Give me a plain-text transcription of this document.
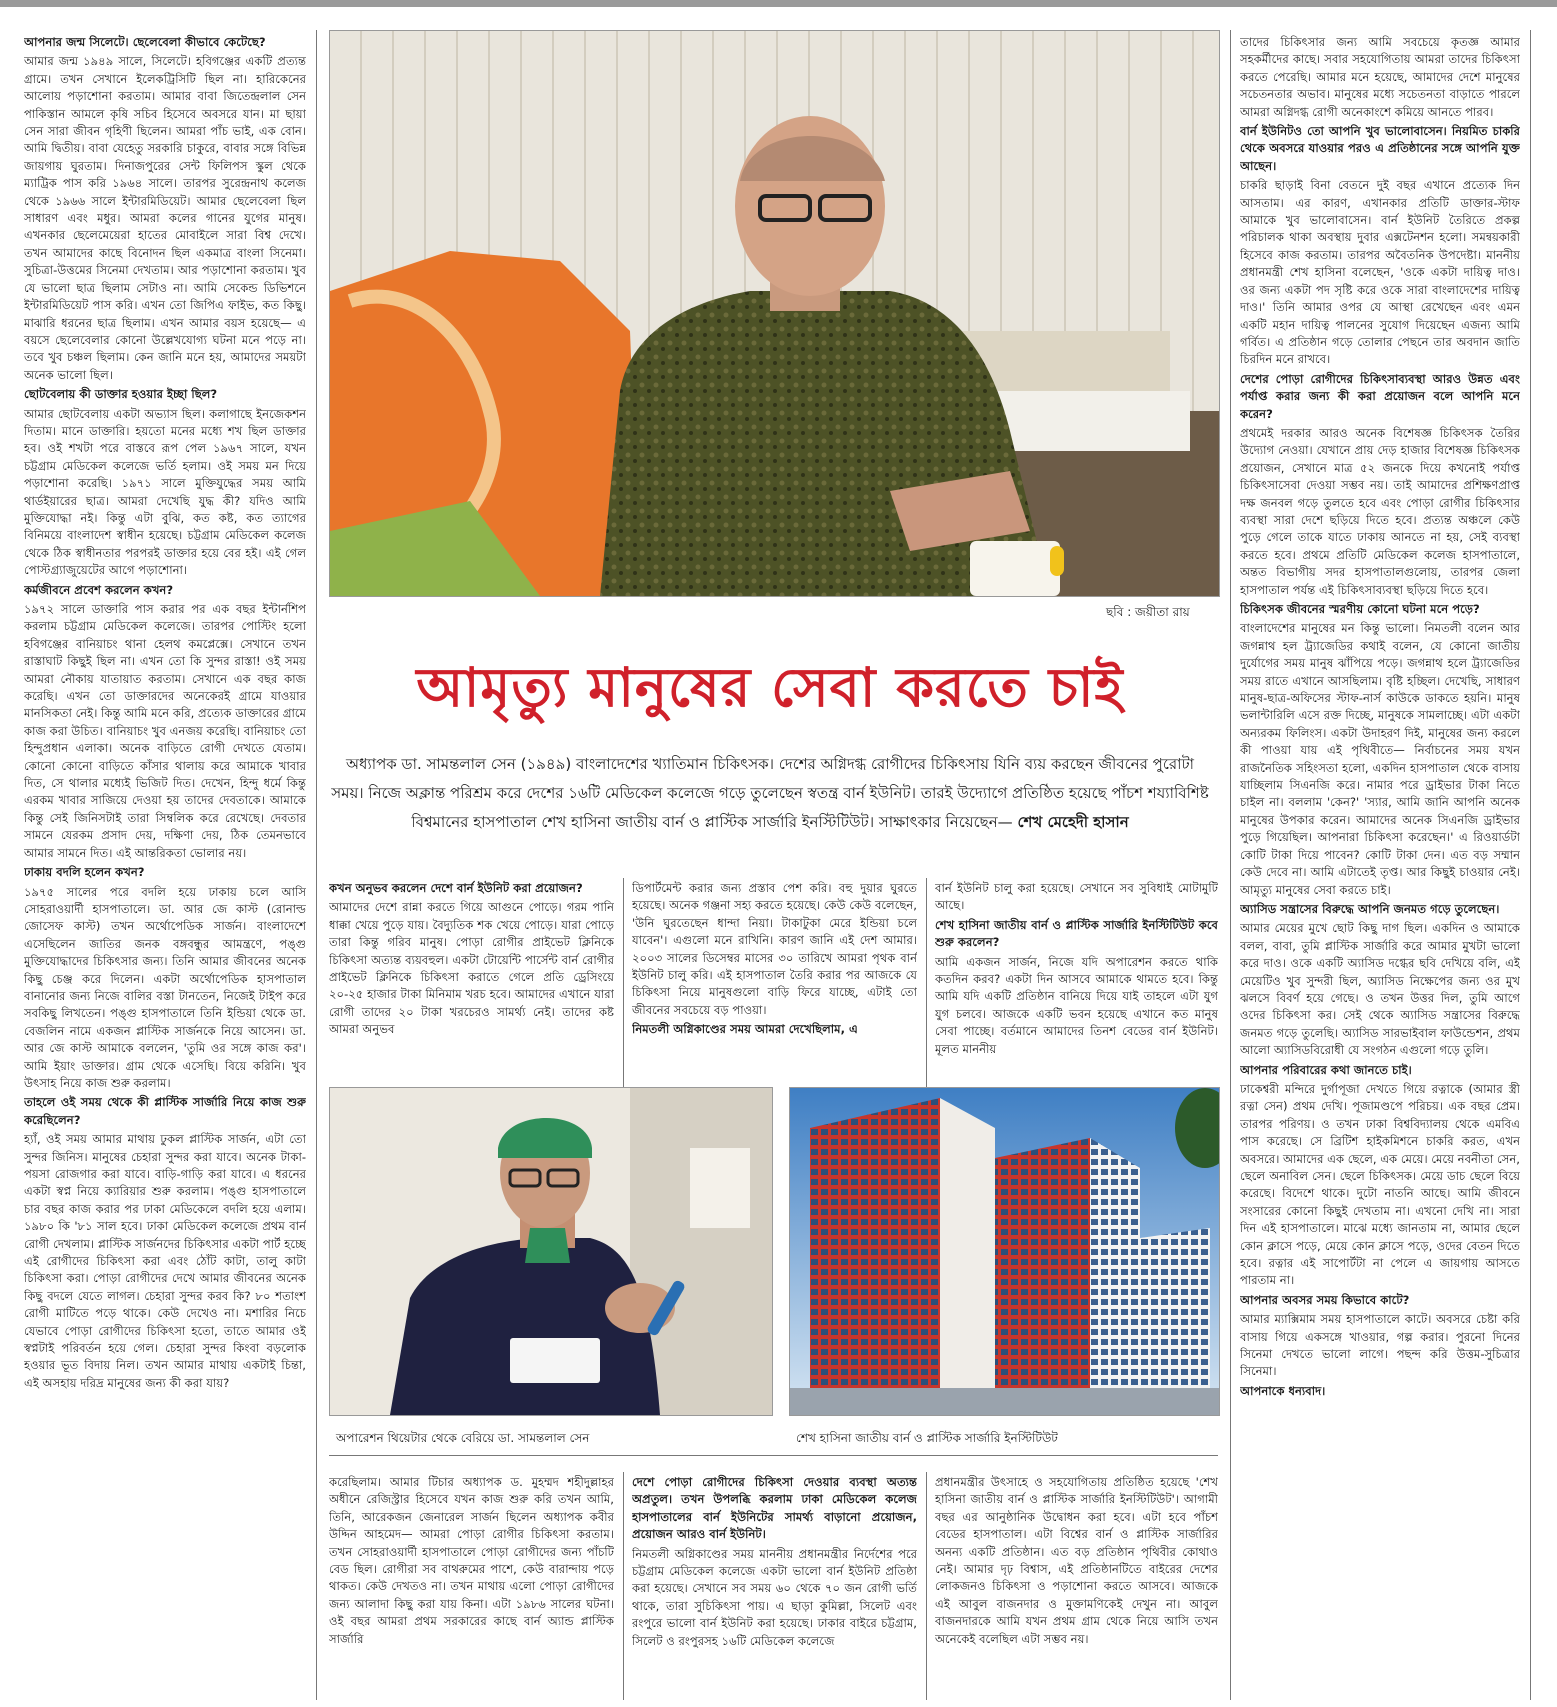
আপনার জন্ম সিলেটে। ছেলেবেলা কীভাবে কেটেছে?

আমার জন্ম ১৯৪৯ সালে, সিলেটে। হবিগঞ্জের একটি প্রত্যন্ত গ্রামে। তখন সেখানে ইলেকট্রিসিটি ছিল না। হারিকেনের আলোয় পড়াশোনা করতাম। আমার বাবা জিতেন্দ্রলাল সেন পাকিস্তান আমলে কৃষি সচিব হিসেবে অবসরে যান। মা ছায়া সেন সারা জীবন গৃহিণী ছিলেন। আমরা পাঁচ ভাই, এক বোন। আমি দ্বিতীয়। বাবা যেহেতু সরকারি চাকুরে, বাবার সঙ্গে বিভিন্ন জায়গায় ঘুরতাম। দিনাজপুরের সেন্ট ফিলিপস স্কুল থেকে ম্যাট্রিক পাস করি ১৯৬৪ সালে। তারপর সুরেন্দ্রনাথ কলেজ থেকে ১৯৬৬ সালে ইন্টারমিডিয়েট। আমার ছেলেবেলা ছিল সাধারণ এবং মধুর। আমরা কলের গানের যুগের মানুষ। এখনকার ছেলেমেয়েরা হাতের মোবাইলে সারা বিশ্ব দেখে। তখন আমাদের কাছে বিনোদন ছিল একমাত্র বাংলা সিনেমা। সুচিত্রা-উত্তমের সিনেমা দেখতাম। আর পড়াশোনা করতাম। খুব যে ভালো ছাত্র ছিলাম সেটাও না। আমি সেকেন্ড ডিভিশনে ইন্টারমিডিয়েট পাস করি। এখন তো জিপিএ ফাইভ, কত কিছু। মাঝারি ধরনের ছাত্র ছিলাম। এখন আমার বয়স হয়েছে— এ বয়সে ছেলেবেলার কোনো উল্লেখযোগ্য ঘটনা মনে পড়ে না। তবে খুব চঞ্চল ছিলাম। কেন জানি মনে হয়, আমাদের সময়টা অনেক ভালো ছিল।

ছোটবেলায় কী ডাক্তার হওয়ার ইচ্ছা ছিল?

আমার ছোটবেলায় একটা অভ্যাস ছিল। কলাগাছে ইনজেকশন দিতাম। মানে ডাক্তারি। হয়তো মনের মধ্যে শখ ছিল ডাক্তার হব। ওই শখটা পরে বাস্তবে রূপ পেল ১৯৬৭ সালে, যখন চট্টগ্রাম মেডিকেল কলেজে ভর্তি হলাম। ওই সময় মন দিয়ে পড়াশোনা করেছি। ১৯৭১ সালে মুক্তিযুদ্ধের সময় আমি থার্ডইয়ারের ছাত্র। আমরা দেখেছি যুদ্ধ কী? যদিও আমি মুক্তিযোদ্ধা নই। কিন্তু এটা বুঝি, কত কষ্ট, কত ত্যাগের বিনিময়ে বাংলাদেশ স্বাধীন হয়েছে। চট্টগ্রাম মেডিকেল কলেজ থেকে ঠিক স্বাধীনতার পরপরই ডাক্তার হয়ে বের হই। এই গেল পোস্টগ্র্যাজুয়েটের আগে পড়াশোনা।

কর্মজীবনে প্রবেশ করলেন কখন?

১৯৭২ সালে ডাক্তারি পাস করার পর এক বছর ইন্টার্নশিপ করলাম চট্টগ্রাম মেডিকেল কলেজে। তারপর পোস্টিং হলো হবিগঞ্জের বানিয়াচং থানা হেলথ কমপ্লেক্সে। সেখানে তখন রাস্তাঘাট কিছুই ছিল না। এখন তো কি সুন্দর রাস্তা! ওই সময় আমরা নৌকায় যাতায়াত করতাম। সেখানে এক বছর কাজ করেছি। এখন তো ডাক্তারদের অনেকেরই গ্রামে যাওয়ার মানসিকতা নেই। কিন্তু আমি মনে করি, প্রত্যেক ডাক্তারের গ্রামে কাজ করা উচিত। বানিয়াচং খুব এনজয় করেছি। বানিয়াচং তো হিন্দুপ্রধান এলাকা। অনেক বাড়িতে রোগী দেখতে যেতাম। কোনো কোনো বাড়িতে কাঁসার থালায় করে আমাকে খাবার দিত, সে থালার মধ্যেই ভিজিট দিত। দেখেন, হিন্দু ধর্মে কিন্তু এরকম খাবার সাজিয়ে দেওয়া হয় তাদের দেবতাকে। আমাকে কিন্তু সেই জিনিসটাই তারা সিম্বলিক করে রেখেছে। দেবতার সামনে যেরকম প্রসাদ দেয়, দক্ষিণা দেয়, ঠিক তেমনভাবে আমার সামনে দিত। এই আন্তরিকতা ভোলার নয়।

ঢাকায় বদলি হলেন কখন?

১৯৭৫ সালের পরে বদলি হয়ে ঢাকায় চলে আসি সোহরাওয়ার্দী হাসপাতালে। ডা. আর জে কাস্ট (রোনাল্ড জোসেফ কাস্ট) তখন অর্থোপেডিক সার্জন। বাংলাদেশে এসেছিলেন জাতির জনক বঙ্গবন্ধুর আমন্ত্রণে, পঙ্গু মুক্তিযোদ্ধাদের চিকিৎসার জন্য। তিনি আমার জীবনের অনেক কিছু চেঞ্জ করে দিলেন। একটা অর্থোপেডিক হাসপাতাল বানানোর জন্য নিজে বালির বস্তা টানতেন, নিজেই টাইপ করে সবকিছু লিখতেন। পঙ্গু হাসপাতালে তিনি ইন্ডিয়া থেকে ডা. বেজলিন নামে একজন প্লাস্টিক সার্জনকে নিয়ে আসেন। ডা. আর জে কাস্ট আমাকে বললেন, 'তুমি ওর সঙ্গে কাজ কর'। আমি ইয়াং ডাক্তার। গ্রাম থেকে এসেছি। বিয়ে করিনি। খুব উৎসাহ নিয়ে কাজ শুরু করলাম।

তাহলে ওই সময় থেকে কী প্লাস্টিক সার্জারি নিয়ে কাজ শুরু করেছিলেন?

হ্যাঁ, ওই সময় আমার মাথায় ঢুকল প্লাস্টিক সার্জন, এটা তো সুন্দর জিনিস। মানুষের চেহারা সুন্দর করা যাবে। অনেক টাকা-পয়সা রোজগার করা যাবে। বাড়ি-গাড়ি করা যাবে। এ ধরনের একটা স্বপ্ন নিয়ে ক্যারিয়ার শুরু করলাম। পঙ্গু হাসপাতালে চার বছর কাজ করার পর ঢাকা মেডিকেলে বদলি হয়ে এলাম। ১৯৮০ কি '৮১ সাল হবে। ঢাকা মেডিকেল কলেজে প্রথম বার্ন রোগী দেখলাম। প্লাস্টিক সার্জনদের চিকিৎসার একটা পার্ট হচ্ছে এই রোগীদের চিকিৎসা করা এবং ঠোঁট কাটা, তালু কাটা চিকিৎসা করা। পোড়া রোগীদের দেখে আমার জীবনের অনেক কিছু বদলে যেতে লাগল। চেহারা সুন্দর করব কি? ৮০ শতাংশ রোগী মাটিতে পড়ে থাকে। কেউ দেখেও না। মশারির নিচে যেভাবে পোড়া রোগীদের চিকিৎসা হতো, তাতে আমার ওই স্বপ্নটাই পরিবর্তন হয়ে গেল। চেহারা সুন্দর কিংবা বড়লোক হওয়ার ভূত বিদায় নিল। তখন আমার মাথায় একটাই চিন্তা, এই অসহায় দরিদ্র মানুষের জন্য কী করা যায়?

ছবি : জয়ীতা রায়
আমৃত্যু মানুষের সেবা করতে চাই
অধ্যাপক ডা. সামন্তলাল সেন (১৯৪৯) বাংলাদেশের খ্যাতিমান চিকিৎসক। দেশের অগ্নিদগ্ধ রোগীদের চিকিৎসায় যিনি ব্যয় করছেন জীবনের পুরোটা সময়। নিজে অক্লান্ত পরিশ্রম করে দেশের ১৬টি মেডিকেল কলেজে গড়ে তুলেছেন স্বতন্ত্র বার্ন ইউনিট। তারই উদ্যোগে প্রতিষ্ঠিত হয়েছে পাঁচশ শয্যাবিশিষ্ট বিশ্বমানের হাসপাতাল শেখ হাসিনা জাতীয় বার্ন ও প্লাস্টিক সার্জারি ইনস্টিটিউট। সাক্ষাৎকার নিয়েছেন— শেখ মেহেদী হাসান

কখন অনুভব করলেন দেশে বার্ন ইউনিট করা প্রয়োজন?

আমাদের দেশে রান্না করতে গিয়ে আগুনে পোড়ে। গরম পানি ধাক্কা খেয়ে পুড়ে যায়। বৈদ্যুতিক শক খেয়ে পোড়ে। যারা পোড়ে তারা কিন্তু গরিব মানুষ। পোড়া রোগীর প্রাইভেট ক্লিনিকে চিকিৎসা অত্যন্ত ব্যয়বহুল। একটা টোয়েন্টি পার্সেন্ট বার্ন রোগীর প্রাইভেট ক্লিনিকে চিকিৎসা করাতে গেলে প্রতি ড্রেসিংয়ে ২০-২৫ হাজার টাকা মিনিমাম খরচ হবে। আমাদের এখানে যারা রোগী তাদের ২০ টাকা খরচেরও সামর্থ্য নেই। তাদের কষ্ট আমরা অনুভব

ডিপার্টমেন্ট করার জন্য প্রস্তাব পেশ করি। বহু দুয়ার ঘুরতে হয়েছে। অনেক গঞ্জনা সহ্য করতে হয়েছে। কেউ কেউ বলেছেন, 'উনি ঘুরতেছেন ধান্দা নিয়া। টাকাটুকা মেরে ইন্ডিয়া চলে যাবেন'। এগুলো মনে রাখিনি। কারণ জানি এই দেশ আমার। ২০০৩ সালের ডিসেম্বর মাসের ৩০ তারিখে আমরা পৃথক বার্ন ইউনিট চালু করি। এই হাসপাতাল তৈরি করার পর আজকে যে চিকিৎসা নিয়ে মানুষগুলো বাড়ি ফিরে যাচ্ছে, এটাই তো জীবনের সবচেয়ে বড় পাওয়া।

নিমতলী অগ্নিকাণ্ডের সময় আমরা দেখেছিলাম, এ

বার্ন ইউনিট চালু করা হয়েছে। সেখানে সব সুবিধাই মোটামুটি আছে।

শেখ হাসিনা জাতীয় বার্ন ও প্লাস্টিক সার্জারি ইনস্টিটিউট কবে শুরু করলেন?

আমি একজন সার্জন, নিজে যদি অপারেশন করতে থাকি কতদিন করব? একটা দিন আসবে আমাকে থামতে হবে। কিন্তু আমি যদি একটি প্রতিষ্ঠান বানিয়ে দিয়ে যাই তাহলে এটা যুগ যুগ চলবে। আজকে একটি ভবন হয়েছে এখানে কত মানুষ সেবা পাচ্ছে। বর্তমানে আমাদের তিনশ বেডের বার্ন ইউনিট। মূলত মাননীয়

অপারেশন থিয়েটার থেকে বেরিয়ে ডা. সামন্তলাল সেন	শেখ হাসিনা জাতীয় বার্ন ও প্লাস্টিক সার্জারি ইনস্টিটিউট

করেছিলাম। আমার টিচার অধ্যাপক ড. মুহম্মদ শহীদুল্লাহর অধীনে রেজিস্ট্রার হিসেবে যখন কাজ শুরু করি তখন আমি, তিনি, আরেকজন জেনারেল সার্জন ছিলেন অধ্যাপক কবীর উদ্দিন আহমেদ— আমরা পোড়া রোগীর চিকিৎসা করতাম। তখন সোহরাওয়ার্দী হাসপাতালে পোড়া রোগীদের জন্য পাঁচটি বেড ছিল। রোগীরা সব বাথরুমের পাশে, কেউ বারান্দায় পড়ে থাকত। কেউ দেখতও না। তখন মাথায় এলো পোড়া রোগীদের জন্য আলাদা কিছু করা যায় কিনা। এটা ১৯৮৬ সালের ঘটনা। ওই বছর আমরা প্রথম সরকারের কাছে বার্ন অ্যান্ড প্লাস্টিক সার্জারি

দেশে পোড়া রোগীদের চিকিৎসা দেওয়ার ব্যবস্থা অত্যন্ত অপ্রতুল। তখন উপলব্ধি করলাম ঢাকা মেডিকেল কলেজ হাসপাতালের বার্ন ইউনিটের সামর্থ্য বাড়ানো প্রয়োজন, প্রয়োজন আরও বার্ন ইউনিট।

নিমতলী অগ্নিকাণ্ডের সময় মাননীয় প্রধানমন্ত্রীর নির্দেশের পরে চট্টগ্রাম মেডিকেল কলেজে একটা ভালো বার্ন ইউনিট প্রতিষ্ঠা করা হয়েছে। সেখানে সব সময় ৬০ থেকে ৭০ জন রোগী ভর্তি থাকে, তারা সুচিকিৎসা পায়। এ ছাড়া কুমিল্লা, সিলেট এবং রংপুরে ভালো বার্ন ইউনিট করা হয়েছে। ঢাকার বাইরে চট্টগ্রাম, সিলেট ও রংপুরসহ ১৬টি মেডিকেল কলেজে

প্রধানমন্ত্রীর উৎসাহে ও সহযোগিতায় প্রতিষ্ঠিত হয়েছে 'শেখ হাসিনা জাতীয় বার্ন ও প্লাস্টিক সার্জারি ইনস্টিটিউট'। আগামী বছর এর আনুষ্ঠানিক উদ্বোধন করা হবে। এটা হবে পাঁচশ বেডের হাসপাতাল। এটা বিশ্বের বার্ন ও প্লাস্টিক সার্জারির অনন্য একটি প্রতিষ্ঠান। এত বড় প্রতিষ্ঠান পৃথিবীর কোথাও নেই। আমার দৃঢ় বিশ্বাস, এই প্রতিষ্ঠানটিতে বাইরের দেশের লোকজনও চিকিৎসা ও পড়াশোনা করতে আসবে। আজকে এই আবুল বাজনদার ও মুক্তামণিকেই দেখুন না। আবুল বাজনদারকে আমি যখন প্রথম গ্রাম থেকে নিয়ে আসি তখন অনেকেই বলেছিল এটা সম্ভব নয়।

তাদের চিকিৎসার জন্য আমি সবচেয়ে কৃতজ্ঞ আমার সহকর্মীদের কাছে। সবার সহযোগিতায় আমরা তাদের চিকিৎসা করতে পেরেছি। আমার মনে হয়েছে, আমাদের দেশে মানুষের সচেতনতার অভাব। মানুষের মধ্যে সচেতনতা বাড়াতে পারলে আমরা অগ্নিদগ্ধ রোগী অনেকাংশে কমিয়ে আনতে পারব।

বার্ন ইউনিটও তো আপনি খুব ভালোবাসেন। নিয়মিত চাকরি থেকে অবসরে যাওয়ার পরও এ প্রতিষ্ঠানের সঙ্গে আপনি যুক্ত আছেন।

চাকরি ছাড়াই বিনা বেতনে দুই বছর এখানে প্রত্যেক দিন আসতাম। এর কারণ, এখানকার প্রতিটি ডাক্তার-স্টাফ আমাকে খুব ভালোবাসেন। বার্ন ইউনিট তৈরিতে প্রকল্প পরিচালক থাকা অবস্থায় দুবার এক্সটেনশন হলো। সমন্বয়কারী হিসেবে কাজ করতাম। তারপর অবৈতনিক উপদেষ্টা। মাননীয় প্রধানমন্ত্রী শেখ হাসিনা বলেছেন, 'ওকে একটা দায়িত্ব দাও। ওর জন্য একটা পদ সৃষ্টি করে ওকে সারা বাংলাদেশের দায়িত্ব দাও।' তিনি আমার ওপর যে আস্থা রেখেছেন এবং এমন একটি মহান দায়িত্ব পালনের সুযোগ দিয়েছেন এজন্য আমি গর্বিত। এ প্রতিষ্ঠান গড়ে তোলার পেছনে তার অবদান জাতি চিরদিন মনে রাখবে।

দেশের পোড়া রোগীদের চিকিৎসাব্যবস্থা আরও উন্নত এবং পর্যাপ্ত করার জন্য কী করা প্রয়োজন বলে আপনি মনে করেন?

প্রথমেই দরকার আরও অনেক বিশেষজ্ঞ চিকিৎসক তৈরির উদ্যোগ নেওয়া। যেখানে প্রায় দেড় হাজার বিশেষজ্ঞ চিকিৎসক প্রয়োজন, সেখানে মাত্র ৫২ জনকে দিয়ে কখনোই পর্যাপ্ত চিকিৎসাসেবা দেওয়া সম্ভব নয়। তাই আমাদের প্রশিক্ষণপ্রাপ্ত দক্ষ জনবল গড়ে তুলতে হবে এবং পোড়া রোগীর চিকিৎসার ব্যবস্থা সারা দেশে ছড়িয়ে দিতে হবে। প্রত্যন্ত অঞ্চলে কেউ পুড়ে গেলে তাকে যাতে ঢাকায় আনতে না হয়, সেই ব্যবস্থা করতে হবে। প্রথমে প্রতিটি মেডিকেল কলেজ হাসপাতালে, অন্তত বিভাগীয় সদর হাসপাতালগুলোয়, তারপর জেলা হাসপাতাল পর্যন্ত এই চিকিৎসাব্যবস্থা ছড়িয়ে দিতে হবে।

চিকিৎসক জীবনের স্মরণীয় কোনো ঘটনা মনে পড়ে?

বাংলাদেশের মানুষের মন কিন্তু ভালো। নিমতলী বলেন আর জগন্নাথ হল ট্র্যাজেডির কথাই বলেন, যে কোনো জাতীয় দুর্যোগের সময় মানুষ ঝাঁপিয়ে পড়ে। জগন্নাথ হলে ট্র্যাজেডির সময় রাতে এখানে আসছিলাম। বৃষ্টি হচ্ছিল। দেখেছি, সাধারণ মানুষ-ছাত্র-অফিসের স্টাফ-নার্স কাউকে ডাকতে হয়নি। মানুষ ভলান্টারিলি এসে রক্ত দিচ্ছে, মানুষকে সামলাচ্ছে। এটা একটা অন্যরকম ফিলিংস। একটা উদাহরণ দিই, মানুষের জন্য করলে কী পাওয়া যায় এই পৃথিবীতে— নির্বাচনের সময় যখন রাজনৈতিক সহিংসতা হলো, একদিন হাসপাতাল থেকে বাসায় যাচ্ছিলাম সিএনজি করে। নামার পরে ড্রাইভার টাকা নিতে চাইল না। বললাম 'কেন?' 'স্যার, আমি জানি আপনি অনেক মানুষের উপকার করেন। আমাদের অনেক সিএনজি ড্রাইভার পুড়ে গিয়েছিল। আপনারা চিকিৎসা করেছেন।' এ রিওয়ার্ডটা কোটি টাকা দিয়ে পাবেন? কোটি টাকা দেন। এত বড় সম্মান কেউ দেবে না। আমি এটাতেই তৃপ্ত। আর কিছুই চাওয়ার নেই। আমৃত্যু মানুষের সেবা করতে চাই।

অ্যাসিড সন্ত্রাসের বিরুদ্ধে আপনি জনমত গড়ে তুলেছেন।

আমার মেয়ের মুখে ছোট কিছু দাগ ছিল। একদিন ও আমাকে বলল, বাবা, তুমি প্লাস্টিক সার্জারি করে আমার মুখটা ভালো করে দাও। ওকে একটি অ্যাসিড দগ্ধের ছবি দেখিয়ে বলি, এই মেয়েটিও খুব সুন্দরী ছিল, অ্যাসিড নিক্ষেপের জন্য ওর মুখ ঝলসে বিবর্ণ হয়ে গেছে। ও তখন উত্তর দিল, তুমি আগে ওদের চিকিৎসা কর। সেই থেকে অ্যাসিড সন্ত্রাসের বিরুদ্ধে জনমত গড়ে তুলেছি। অ্যাসিড সারভাইবাল ফাউন্ডেশন, প্রথম আলো অ্যাসিডবিরোধী যে সংগঠন এগুলো গড়ে তুলি।

আপনার পরিবারের কথা জানতে চাই।

ঢাকেশ্বরী মন্দিরে দুর্গাপূজা দেখতে গিয়ে রত্নাকে (আমার স্ত্রী রত্না সেন) প্রথম দেখি। পূজামণ্ডপে পরিচয়। এক বছর প্রেম। তারপর পরিণয়। ও তখন ঢাকা বিশ্ববিদ্যালয় থেকে এমবিএ পাস করেছে। সে ব্রিটিশ হাইকমিশনে চাকরি করত, এখন অবসরে। আমাদের এক ছেলে, এক মেয়ে। মেয়ে নবনীতা সেন, ছেলে অনাবিল সেন। ছেলে চিকিৎসক। মেয়ে ডাচ ছেলে বিয়ে করেছে। বিদেশে থাকে। দুটো নাতনি আছে। আমি জীবনে সংসারের কোনো কিছুই দেখতাম না। এখনো দেখি না। সারা দিন এই হাসপাতালে। মাঝে মধ্যে জানতাম না, আমার ছেলে কোন ক্লাসে পড়ে, মেয়ে কোন ক্লাসে পড়ে, ওদের বেতন দিতে হবে। রত্নার এই সাপোর্টটা না পেলে এ জায়গায় আসতে পারতাম না।

আপনার অবসর সময় কিভাবে কাটে?

আমার ম্যাক্সিমাম সময় হাসপাতালে কাটে। অবসরে চেষ্টা করি বাসায় গিয়ে একসঙ্গে খাওয়ার, গল্প করার। পুরনো দিনের সিনেমা দেখতে ভালো লাগে। পছন্দ করি উত্তম-সুচিত্রার সিনেমা।

আপনাকে ধন্যবাদ।
